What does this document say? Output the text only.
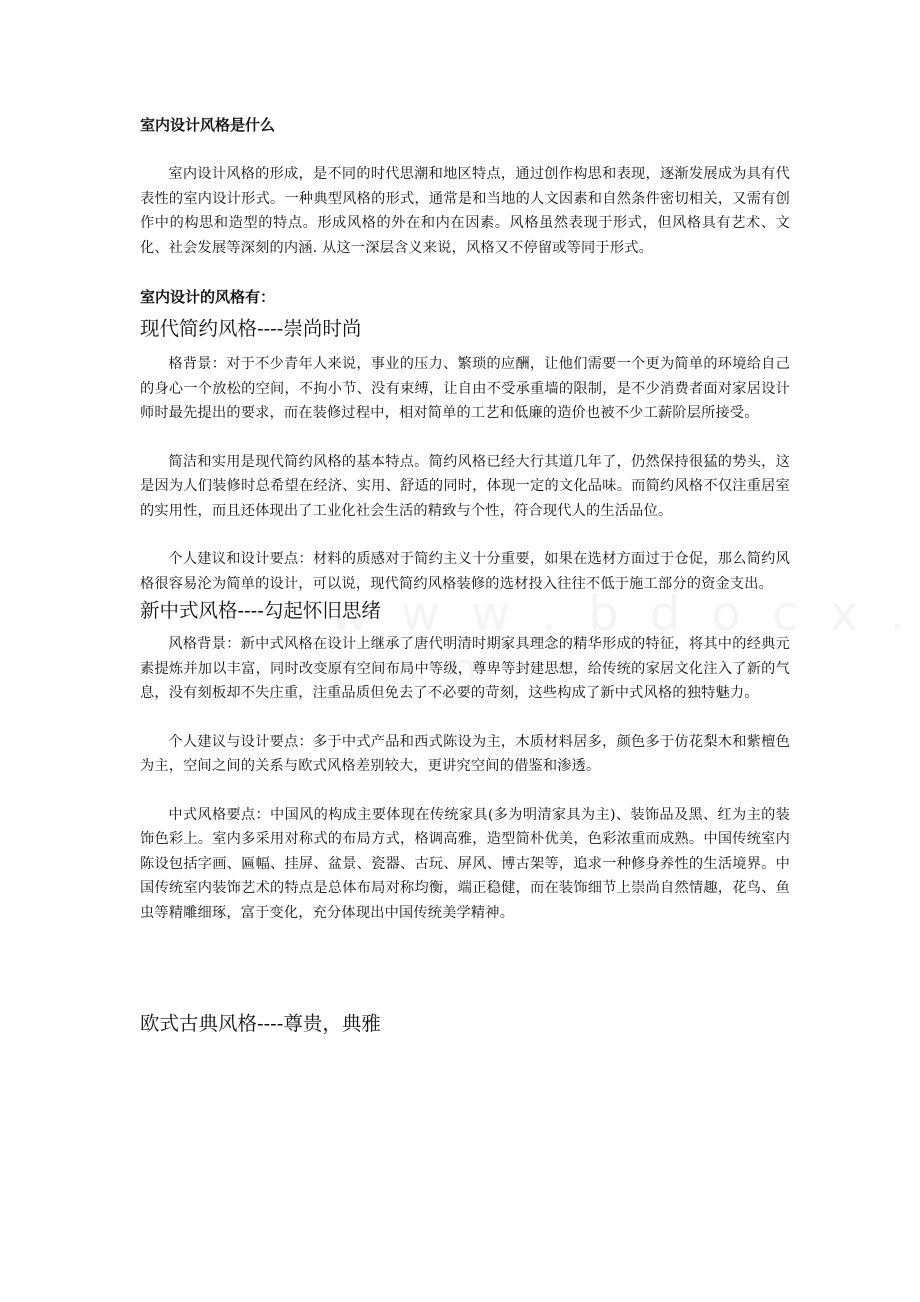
室内设计风格是什么

室内设计风格的形成，是不同的时代思潮和地区特点，通过创作构思和表现，逐渐发展成为具有代表性的室内设计形式。一种典型风格的形式，通常是和当地的人文因素和自然条件密切相关，又需有创作中的构思和造型的特点。形成风格的外在和内在因素。风格虽然表现于形式，但风格具有艺术、文化、社会发展等深刻的内涵. 从这一深层含义来说，风格又不停留或等同于形式。

室内设计的风格有：
现代简约风格----崇尚时尚

格背景：对于不少青年人来说，事业的压力、繁琐的应酬，让他们需要一个更为简单的环境给自己的身心一个放松的空间，不拘小节、没有束缚，让自由不受承重墙的限制，是不少消费者面对家居设计师时最先提出的要求，而在装修过程中，相对简单的工艺和低廉的造价也被不少工薪阶层所接受。

简洁和实用是现代简约风格的基本特点。简约风格已经大行其道几年了，仍然保持很猛的势头，这是因为人们装修时总希望在经济、实用、舒适的同时，体现一定的文化品味。而简约风格不仅注重居室的实用性，而且还体现出了工业化社会生活的精致与个性，符合现代人的生活品位。

个人建议和设计要点：材料的质感对于简约主义十分重要，如果在选材方面过于仓促，那么简约风格很容易沦为简单的设计，可以说，现代简约风格装修的选材投入往往不低于施工部分的资金支出。

新中式风格----勾起怀旧思绪

风格背景：新中式风格在设计上继承了唐代明清时期家具理念的精华形成的特征，将其中的经典元素提炼并加以丰富，同时改变原有空间布局中等级，尊卑等封建思想，给传统的家居文化注入了新的气息，没有刻板却不失庄重，注重品质但免去了不必要的苛刻，这些构成了新中式风格的独特魅力。

个人建议与设计要点：多于中式产品和西式陈设为主，木质材料居多，颜色多于仿花梨木和紫檀色为主，空间之间的关系与欧式风格差别较大，更讲究空间的借鉴和渗透。

中式风格要点：中国风的构成主要体现在传统家具(多为明清家具为主)、装饰品及黑、红为主的装饰色彩上。室内多采用对称式的布局方式，格调高雅，造型简朴优美，色彩浓重而成熟。中国传统室内陈设包括字画、匾幅、挂屏、盆景、瓷器、古玩、屏风、博古架等，追求一种修身养性的生活境界。中国传统室内装饰艺术的特点是总体布局对称均衡，端正稳健，而在装饰细节上崇尚自然情趣，花鸟、鱼虫等精雕细琢，富于变化，充分体现出中国传统美学精神。

欧式古典风格----尊贵，典雅
